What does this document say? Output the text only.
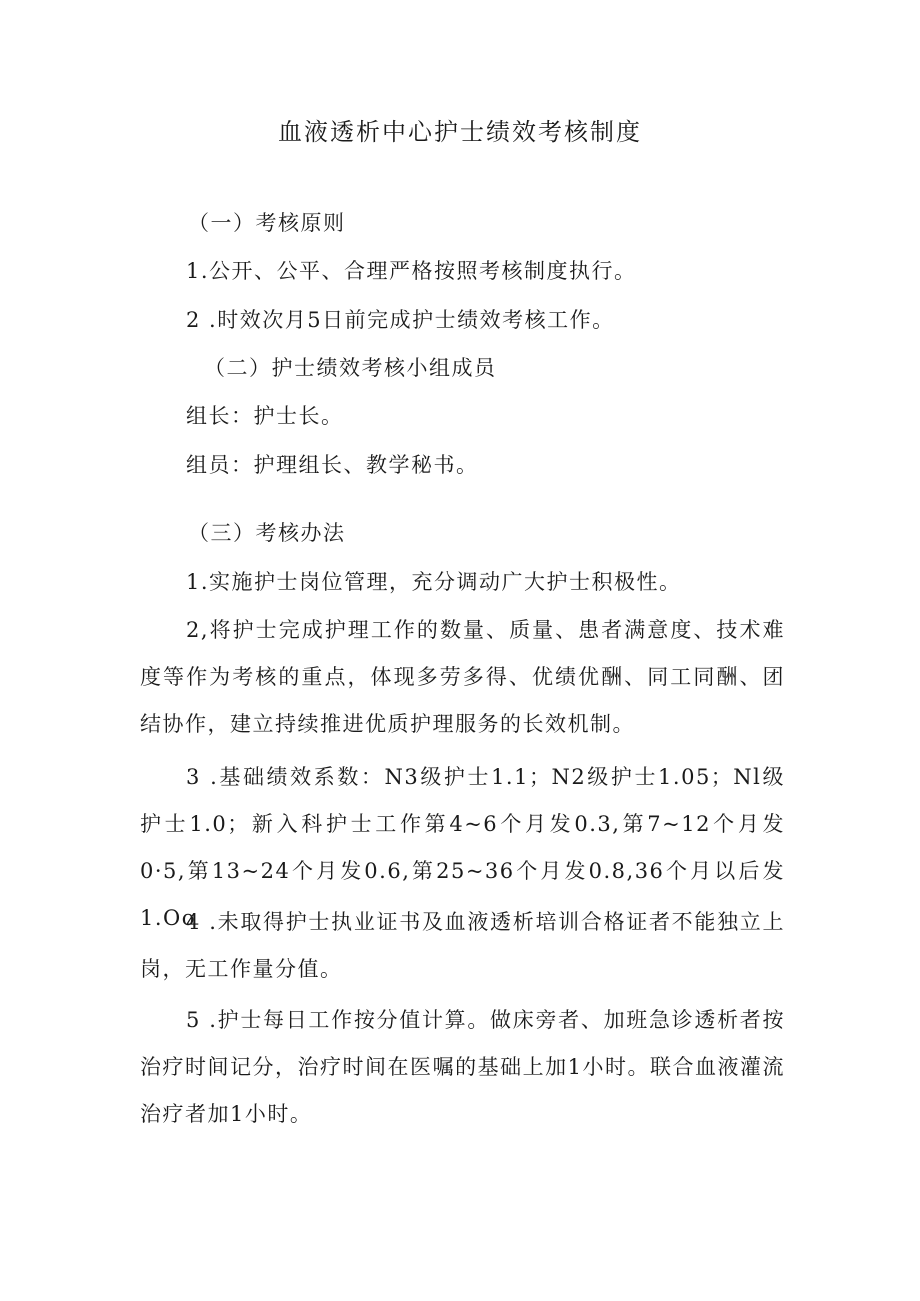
血液透析中心护士绩效考核制度

（一）考核原则

1.公开、公平、合理严格按照考核制度执行。

2 .时效次月5日前完成护士绩效考核工作。

（二）护士绩效考核小组成员

组长：护士长。

组员：护理组长、教学秘书。

（三）考核办法

1.实施护士岗位管理，充分调动广大护士积极性。

2,将护士完成护理工作的数量、质量、患者满意度、技术难度等作为考核的重点，体现多劳多得、优绩优酬、同工同酬、团结协作，建立持续推进优质护理服务的长效机制。

3 .基础绩效系数：N3级护士1.1；N2级护士1.05；Nl级护士1.0；新入科护士工作第4~6个月发0.3,第7~12个月发0·5,第13~24个月发0.6,第25~36个月发0.8,36个月以后发1.Oo

4 .未取得护士执业证书及血液透析培训合格证者不能独立上岗，无工作量分值。

5 .护士每日工作按分值计算。做床旁者、加班急诊透析者按治疗时间记分，治疗时间在医嘱的基础上加1小时。联合血液灌流治疗者加1小时。
